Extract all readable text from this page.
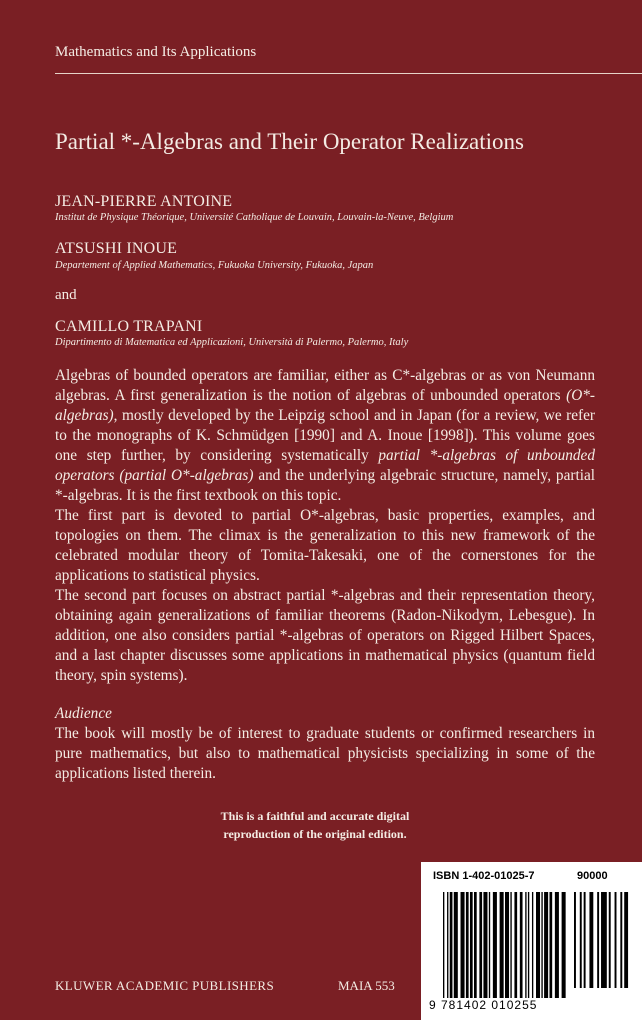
Mathematics and Its Applications
Partial *-Algebras and Their Operator Realizations
JEAN-PIERRE ANTOINE
Institut de Physique Théorique, Université Catholique de Louvain, Louvain-la-Neuve, Belgium
ATSUSHI INOUE
Departement of Applied Mathematics, Fukuoka University, Fukuoka, Japan
and
CAMILLO TRAPANI
Dipartimento di Matematica ed Applicazioni, Università di Palermo, Palermo, Italy

Algebras of bounded operators are familiar, either as C*-algebras or as von Neumann algebras. A first generalization is the notion of algebras of unbounded operators (O*-algebras), mostly developed by the Leipzig school and in Japan (for a review, we refer to the monographs of K. Schmüdgen [1990] and A. Inoue [1998]). This volume goes one step further, by considering systematically partial *-algebras of unbounded operators (partial O*-algebras) and the underlying algebraic structure, namely, partial *-algebras. It is the first textbook on this topic.

The first part is devoted to partial O*-algebras, basic properties, examples, and topologies on them. The climax is the generalization to this new framework of the celebrated modular theory of Tomita-Takesaki, one of the cornerstones for the applications to statistical physics.

The second part focuses on abstract partial *-algebras and their representation theory, obtaining again generalizations of familiar theorems (Radon-Nikodym, Lebesgue). In addition, one also considers partial *-algebras of operators on Rigged Hilbert Spaces, and a last chapter discusses some applications in mathematical physics (quantum field theory, spin systems).

Audience

The book will mostly be of interest to graduate students or confirmed researchers in pure mathematics, but also to mathematical physicists specializing in some of the applications listed therein.

This is a faithful and accurate digital
reproduction of the original edition.
KLUWER ACADEMIC PUBLISHERS	MAIA 553
ISBN 1-402-01025-7	90000
9 781402 010255
